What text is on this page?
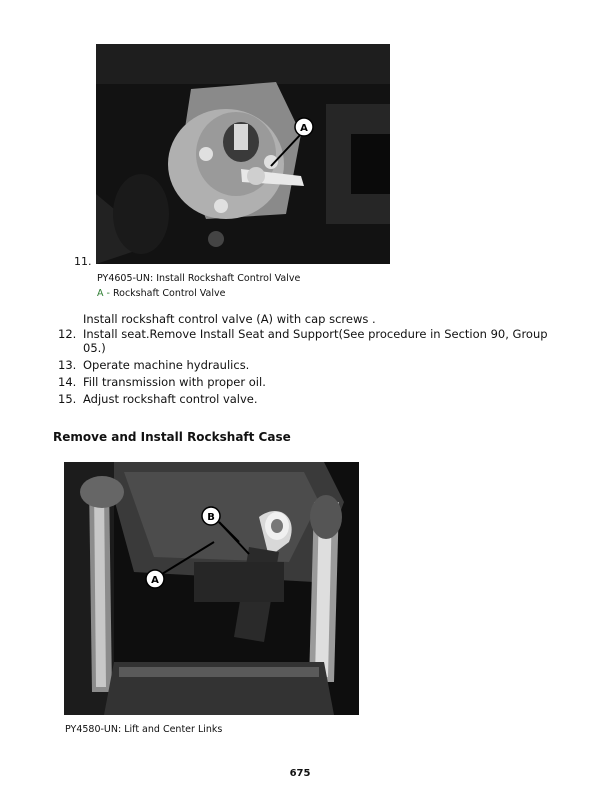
A
11.
PY4605-UN: Install Rockshaft Control Valve
A - Rockshaft Control Valve
Install rockshaft control valve (A) with cap screws .
12. Install seat.Remove Install Seat and Support(See procedure in Section 90, Group 05.)
13. Operate machine hydraulics.
14. Fill transmission with proper oil.
15. Adjust rockshaft control valve.
Remove and Install Rockshaft Case
A
B
PY4580-UN: Lift and Center Links
675
